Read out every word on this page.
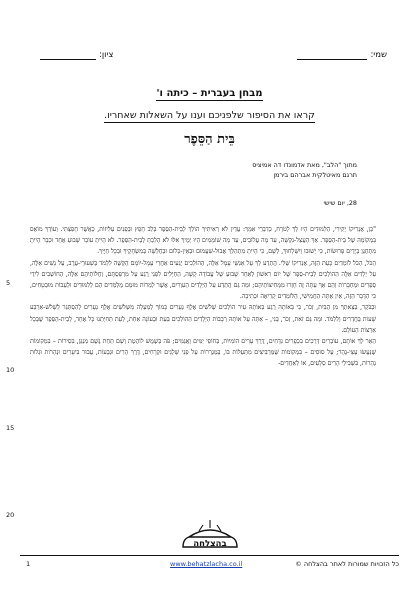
שמי:
ציון:
מבחן בעברית – כיתה ו'
קראו את הסיפור שלפניכם וענו על השאלות שאחריו.
בֵּית הַסֵּפֶר
מתוך "הלב", מאת אדמונדו דה אמיציס
תרגם מאיטלקית אברהם בירמן
28, יום שישי

"כֵּן, אֶנְרִיקוֹ יַקִּירִי, הַלִּמּוּדִים הָיוּ לְךָ לְטֹרַח, כְּדִבְרֵי אִמְּךָ: עֲדַיִן לֹא רְאִיתִיךָ הוֹלֵךְ לְבֵית-הַסֵּפֶר בְּלֵב חָפֵץ וּבְפָנִים עַלִּיזוֹת, כַּאֲשֶׁר חָפַצְתִּי. וְעוֹדְךָ מוֹאֵס בִּמְקוֹמָהּ שֶׁל בֵּית-הַסֵּפֶר. אַךְ הָעֲצֵל-נִקְשָׁה, עַד מָה עֲלוּבִים, עַד מָה שׁוֹמֵמִים הָיוּ יָמֶיךָ אִלּוּ לֹא הָלַכְתָּ לְבֵית-הַסֵּפֶר. לֹא הָיִיתָ עוֹבֵר שָׁבוּעַ אֶחָד וּכְבָר הָיִיתָ מִתְחַנֵּן בְּיָדַיִם פְּרוּשׂוֹת, כִּי יַשׁוּבוּ וְיִשְׁלָחוּךָ, לְשָׁם, כִּי הָיִיתָ מִתְהַלֵּךְ אֲבוּל-שִׁעֲמוּם וּבְאֵין-כְּלוּם וּבְחֻלְשָׁה בְּמִשְׂחָקֶיךָ וּבְכָל חַיֶּיךָ.

הַכֹּל, הַכֹּל לוֹמְדִים כָּעֵת הַזֶּה, אֶנְרִיקוֹ שֶׁלִּי. הֲתֵדַע לְךָ עַל אַנְשֵׁי עָמָל אֵלֶּה, הַהוֹלְכִים יְגֵעִים אַחֲרֵי עָמָל-יוֹמָם הַקָּשֶׁה לִלְמֹד בְּשִׁעוּרֵי-עֶרֶב, עַל נָשִׁים אֵלֶּה, עַל יְלָדִים אֵלֶּה הַהוֹלְכִים לְבֵית-סֵפֶר שֶׁל יוֹם רִאשׁוֹן לְאַחַר שָׁבוּעַ שֶׁל עֲבוֹדָה קָשָׁה, הַחַיָּלִים לִפְנֵי רֶגַע עַל מִרְפַּסְתָּם, וְחֻלּוֹתֵיהֶם אֵלֶּה, הַחוֹשְׁבִים לִידֵי סְפָרִים וּמַחְבָּרוֹת וְהֵם אַךְ עַתָּה זֶה חָזְרוּ מִמְּחִיצוֹתֵיהֶם; וּמַה גַּם הֲתֵדַע עַל הַיְּלָדִים הָעִוְרִים, אֲשֶׁר לְמַרוֹת מוּמָם מַלְמְדִים הֵם לְלִמּוּדִים וּלְעַבוֹת מוּבְטָחִים, כִּי הַדָּבָר הַזֶּה, אֵין אַתָּה הַחֲמִישִׁי, הַלּוֹמְדִים קְרִיאָה וּכְתִיבָה.

וּבַבֹּקֶר, בְּצֵאתְךָ מִן הַבַּיִת, זְכֹר, כִּי בְּאוֹתָה רֶגַע בְּאוֹתָהּ עִיר הוֹלְכִים שְׁלֹשִׁים אֶלֶף נְעָרִים כָּמוֹךָ לְמַעְלָה מִשְּׁלֹשִׁים אֶלֶף נְעָרִים לְהִסְתַּגֵּר לְשָׁלֹשׁ-אַרְבַּע שָׁעוֹת בַּחֲדָרִים וְלִלְמֹד. וּמָה גַּם זֹאת, זְכֹר, בְּנִי, – אַתָּה עַל אוֹתָהּ רְבָבוֹת הַיְּלָדִים הַהוֹלְכִים בְּעֵת וּבְעוֹנָה אַחַת, לְעֵת תְּחִיָּתֵנוּ כָּל אֶחָד, לְבֵית-הַסֵּפֶר שֶׁבְּכָל אַרְצוֹת הָעוֹלָם.

הַאֵר לְךָ אוֹתָם, עוֹבְרִים דְּרָכִים בִּכְפָרִים נִדָּחִים, דֶּרֶךְ עָרִים הוֹמִיּוֹת, בְּחוֹפֵי יַמִּים וַאֲגַמִּים; פֹּה בְּשֶׁמֶשׁ לוֹהֶטֶת וְשָׁם תַּחַת גֶּשֶׁם מְנַגֵּן, בִּסִירוֹת – בִּמְקוֹמוֹת שֶׁנַּעֲשׂוּ עָצֵי-נָהָר; עַל סוּסִים – בִּמְקוֹמוֹת שֶׁמַּרְבִּיצִים מִתְּעַלּוֹת בּוֹ, בַּמַּגְרְרוֹת עַל פְּנֵי שְׁלָגִים וּקְרָחִים, דֶּרֶךְ הָרִים וּגְבָעוֹת, עֲבוּר בִּיעָרִים וּנְהָרוֹת וּגְלוּת נְהָרוֹת, בִּשְׁבִילֵי הָרִים סְלָעִים, אוֹ לְאַחֲדִים-

5
10
15
20
בהצלחה
כל הזכויות שמורות לאתר בהצלחה ©
www.behatzlacha.co.il
1
